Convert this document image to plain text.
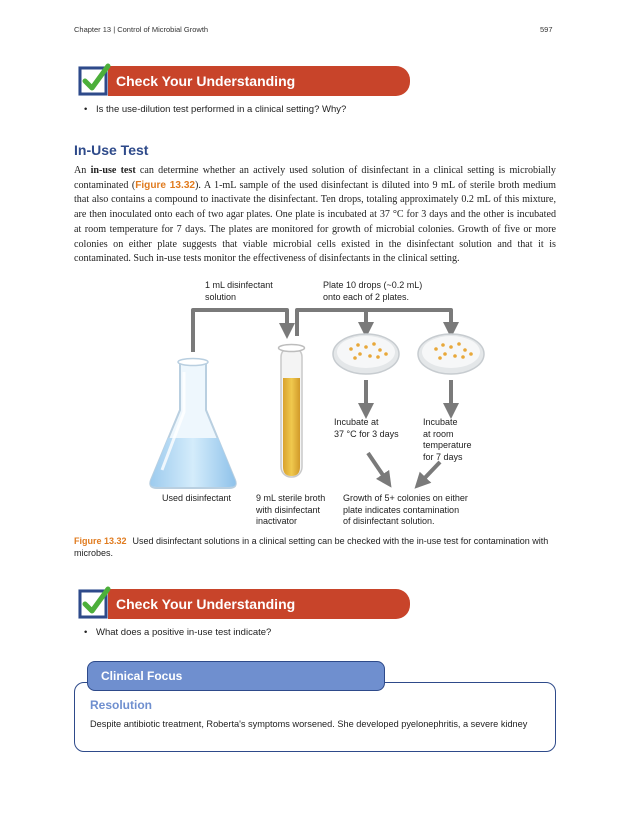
Chapter 13 | Control of Microbial Growth	597
Check Your Understanding
• Is the use-dilution test performed in a clinical setting? Why?
In-Use Test
An in-use test can determine whether an actively used solution of disinfectant in a clinical setting is microbially contaminated (Figure 13.32). A 1-mL sample of the used disinfectant is diluted into 9 mL of sterile broth medium that also contains a compound to inactivate the disinfectant. Ten drops, totaling approximately 0.2 mL of this mixture, are then inoculated onto each of two agar plates. One plate is incubated at 37 °C for 3 days and the other is incubated at room temperature for 7 days. The plates are monitored for growth of microbial colonies. Growth of five or more colonies on either plate suggests that viable microbial cells existed in the disinfectant solution and that it is contaminated. Such in-use tests monitor the effectiveness of disinfectants in the clinical setting.
1 mL disinfectant
solution
Plate 10 drops (~0.2 mL)
onto each of 2 plates.
Incubate at
37 °C for 3 days
Incubate
at room
temperature
for 7 days
Used disinfectant	9 mL sterile broth
with disinfectant
inactivator
Growth of 5+ colonies on either
plate indicates contamination
of disinfectant solution.
Figure 13.32 Used disinfectant solutions in a clinical setting can be checked with the in-use test for contamination with microbes.
Check Your Understanding
• What does a positive in-use test indicate?
Clinical Focus
Resolution
Despite antibiotic treatment, Roberta's symptoms worsened. She developed pyelonephritis, a severe kidney
